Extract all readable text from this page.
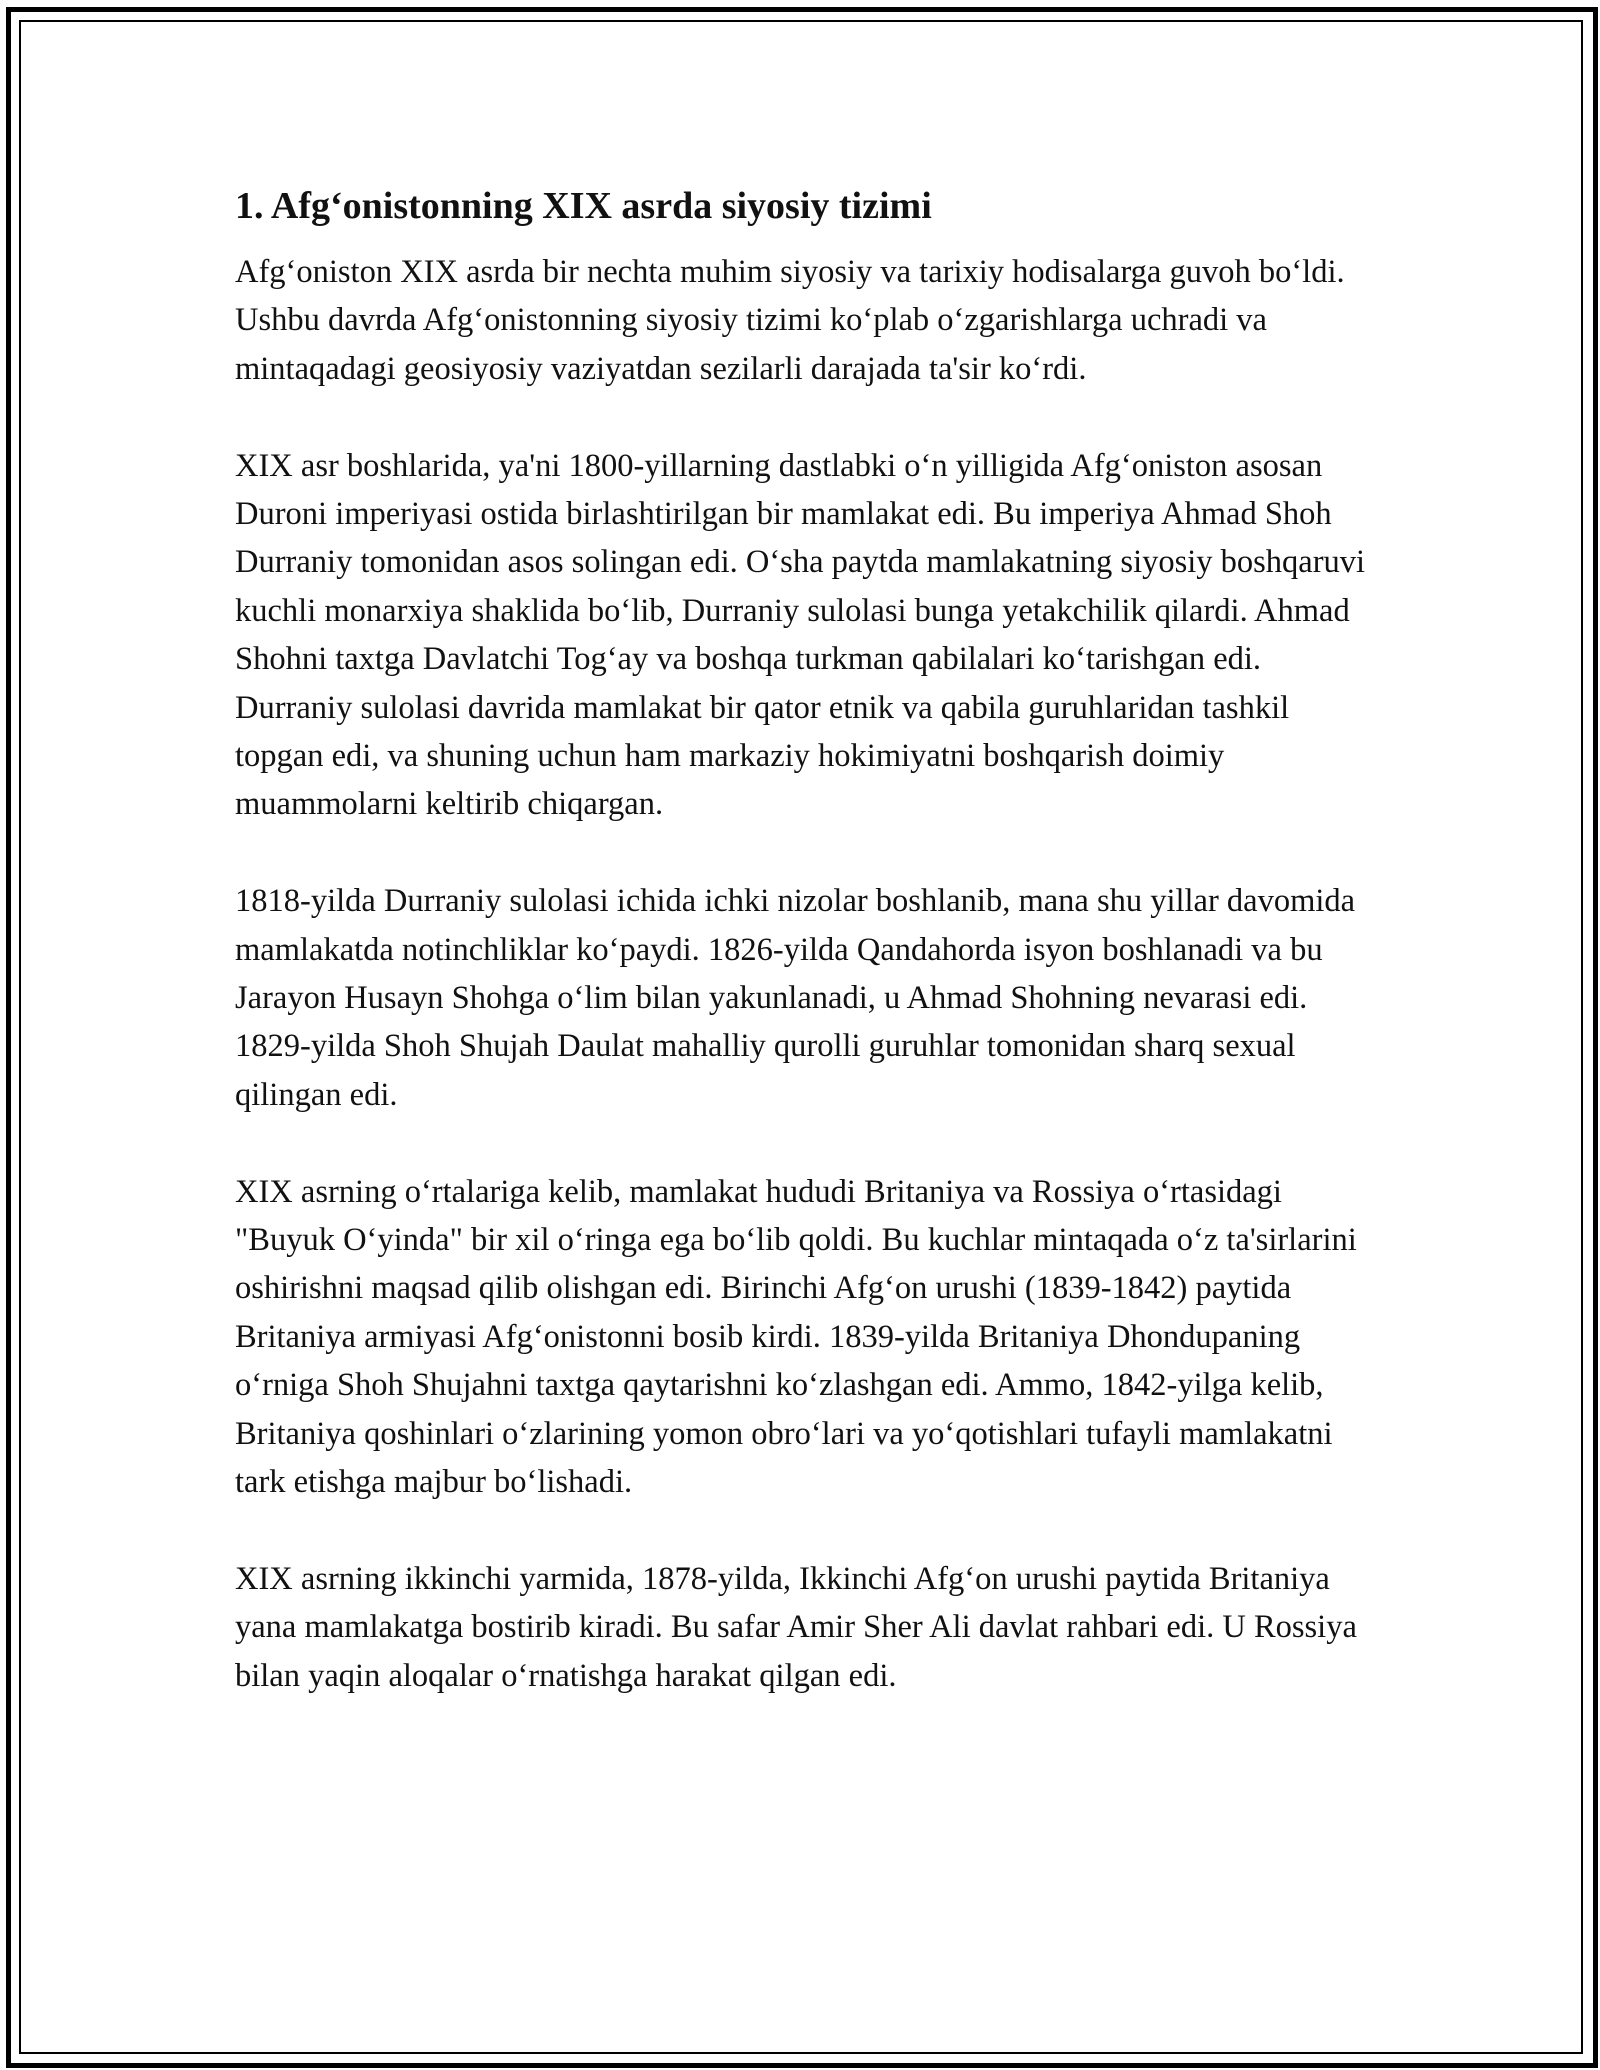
1. Afg‘onistonning XIX asrda siyosiy tizimi

Afg‘oniston XIX asrda bir nechta muhim siyosiy va tarixiy hodisalarga guvoh bo‘ldi. Ushbu davrda Afg‘onistonning siyosiy tizimi ko‘plab o‘zgarishlarga uchradi va mintaqadagi geosiyosiy vaziyatdan sezilarli darajada ta'sir ko‘rdi.

XIX asr boshlarida, ya'ni 1800-yillarning dastlabki o‘n yilligida Afg‘oniston asosan Duroni imperiyasi ostida birlashtirilgan bir mamlakat edi. Bu imperiya Ahmad Shoh Durraniy tomonidan asos solingan edi. O‘sha paytda mamlakatning siyosiy boshqaruvi kuchli monarxiya shaklida bo‘lib, Durraniy sulolasi bunga yetakchilik qilardi. Ahmad Shohni taxtga Davlatchi Tog‘ay va boshqa turkman qabilalari ko‘tarishgan edi. Durraniy sulolasi davrida mamlakat bir qator etnik va qabila guruhlaridan tashkil topgan edi, va shuning uchun ham markaziy hokimiyatni boshqarish doimiy muammolarni keltirib chiqargan.

1818-yilda Durraniy sulolasi ichida ichki nizolar boshlanib, mana shu yillar davomida mamlakatda notinchliklar ko‘paydi. 1826-yilda Qandahorda isyon boshlanadi va bu Jarayon Husayn Shohga o‘lim bilan yakunlanadi, u Ahmad Shohning nevarasi edi. 1829-yilda Shoh Shujah Daulat mahalliy qurolli guruhlar tomonidan sharq sexual qilingan edi.

XIX asrning o‘rtalariga kelib, mamlakat hududi Britaniya va Rossiya o‘rtasidagi "Buyuk O‘yinda" bir xil o‘ringa ega bo‘lib qoldi. Bu kuchlar mintaqada o‘z ta'sirlarini oshirishni maqsad qilib olishgan edi. Birinchi Afg‘on urushi (1839-1842) paytida Britaniya armiyasi Afg‘onistonni bosib kirdi. 1839-yilda Britaniya Dhondupaning o‘rniga Shoh Shujahni taxtga qaytarishni ko‘zlashgan edi. Ammo, 1842-yilga kelib, Britaniya qoshinlari o‘zlarining yomon obro‘lari va yo‘qotishlari tufayli mamlakatni tark etishga majbur bo‘lishadi.

XIX asrning ikkinchi yarmida, 1878-yilda, Ikkinchi Afg‘on urushi paytida Britaniya yana mamlakatga bostirib kiradi. Bu safar Amir Sher Ali davlat rahbari edi. U Rossiya bilan yaqin aloqalar o‘rnatishga harakat qilgan edi.
